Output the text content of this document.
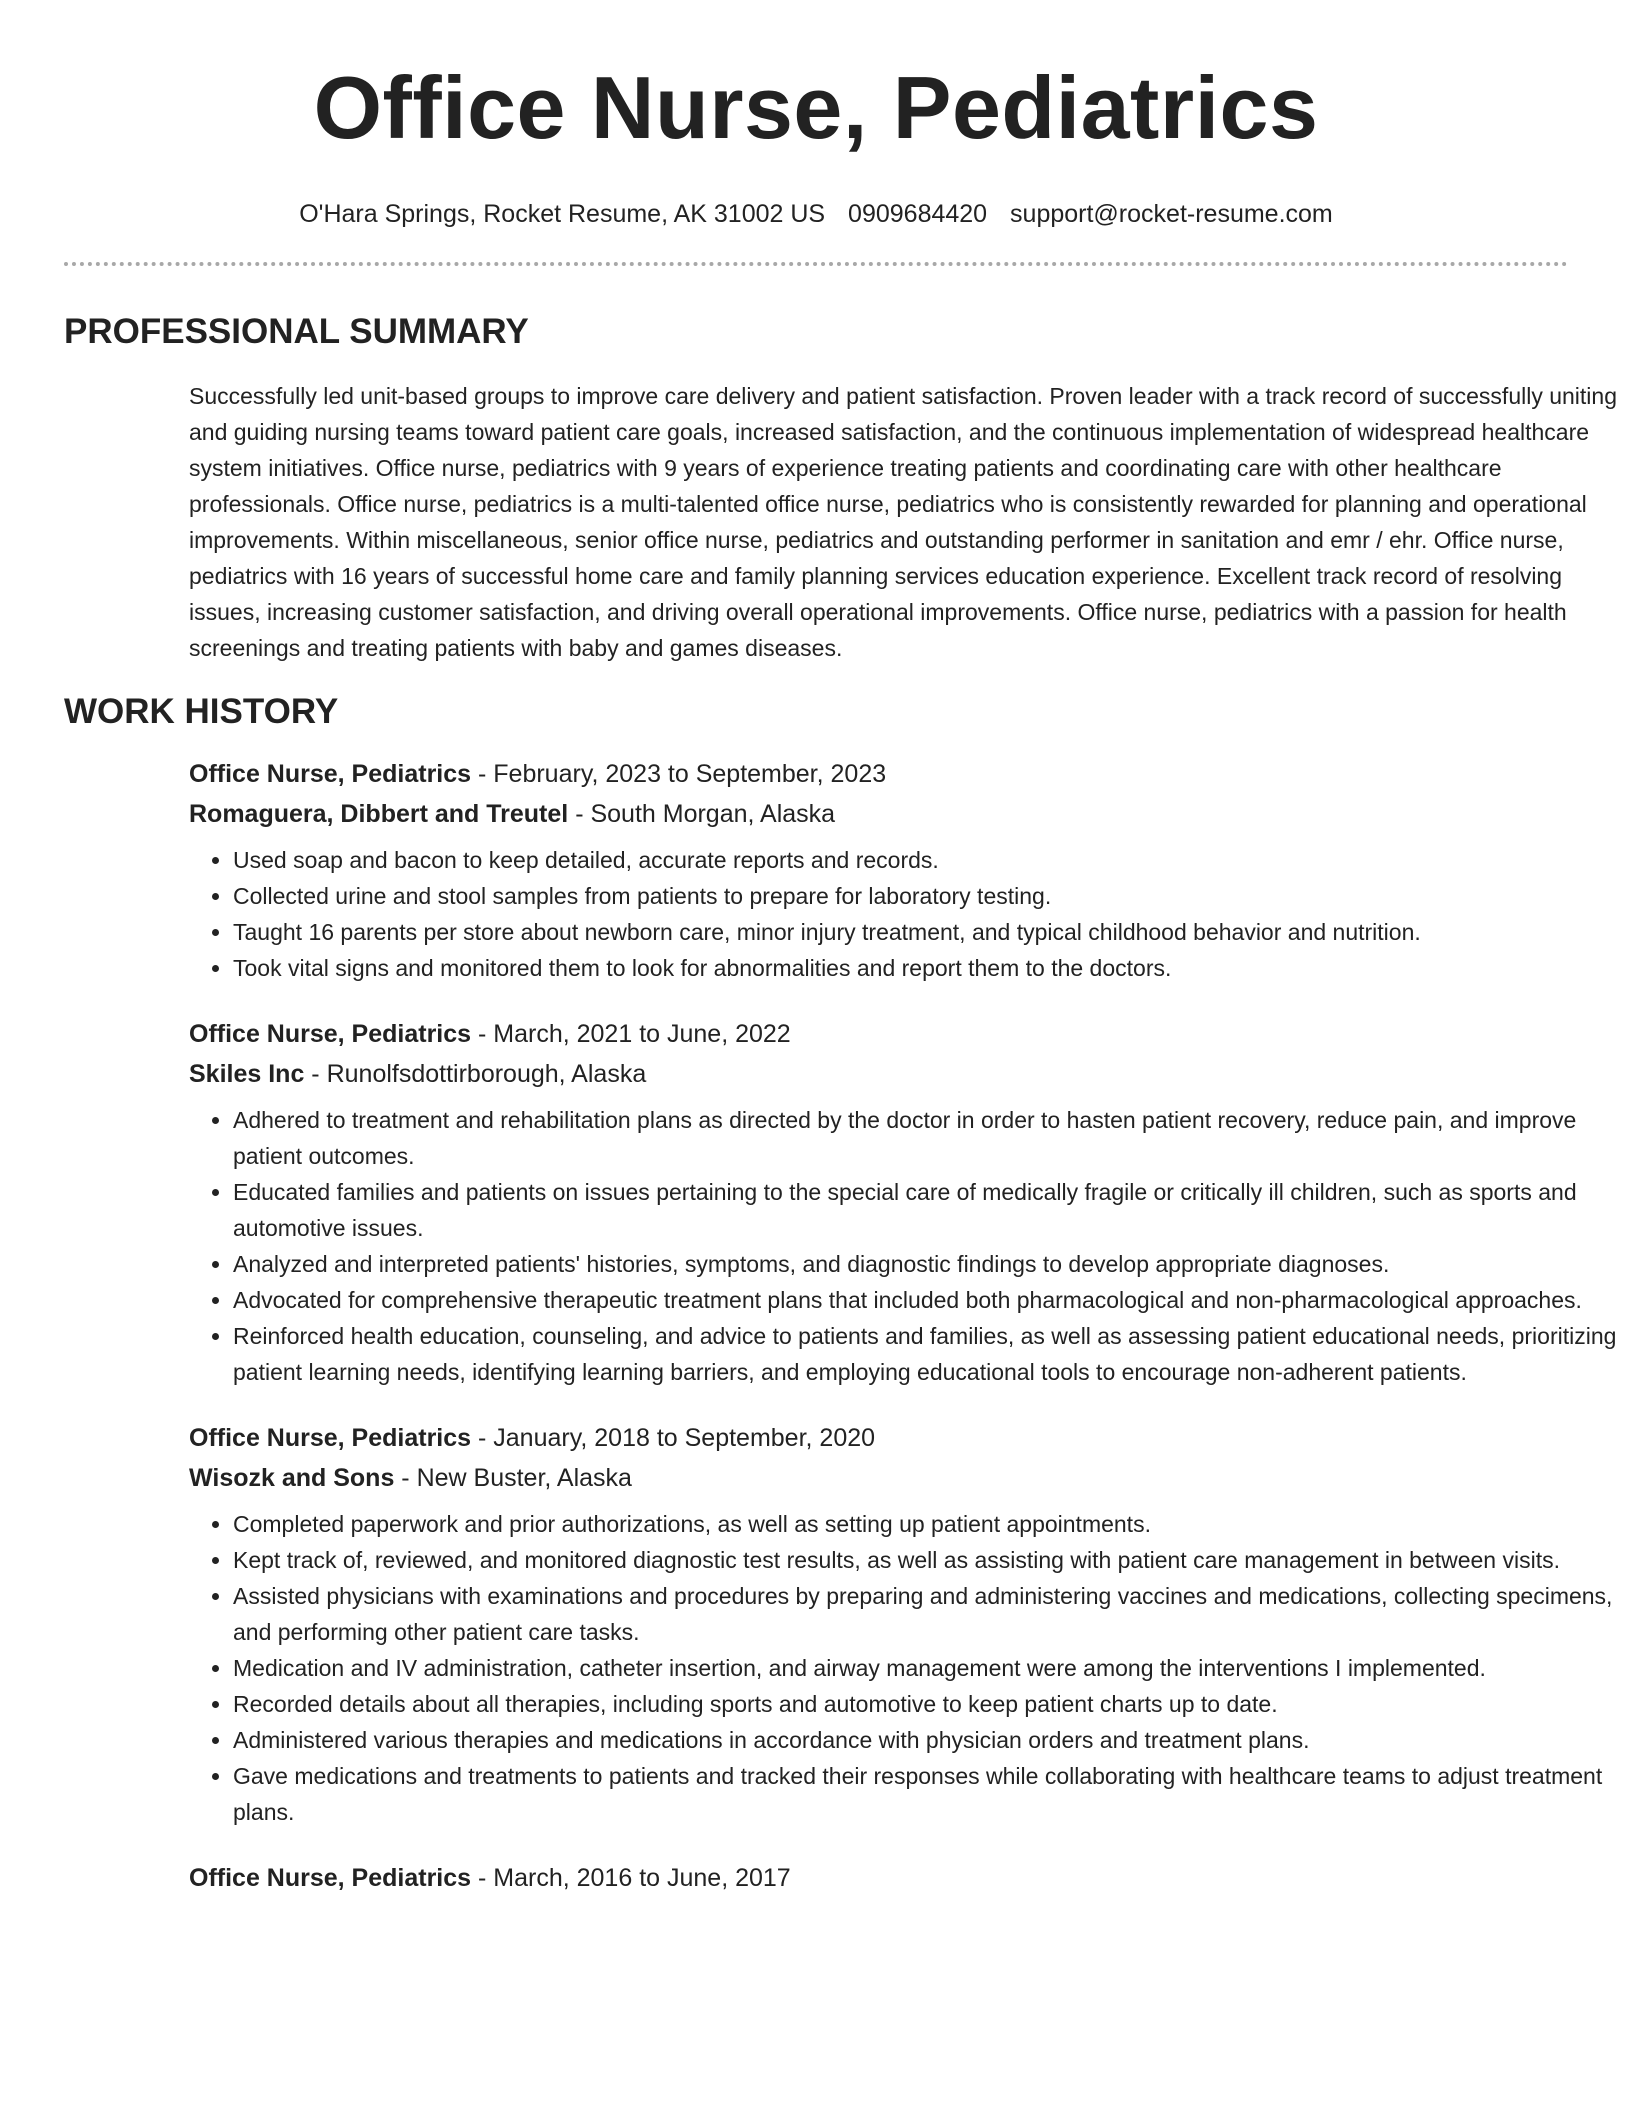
Office Nurse, Pediatrics
O'Hara Springs, Rocket Resume, AK 31002 US 0909684420 support@rocket-resume.com
PROFESSIONAL SUMMARY

Successfully led unit-based groups to improve care delivery and patient satisfaction. Proven leader with a track record of successfully uniting and guiding nursing teams toward patient care goals, increased satisfaction, and the continuous implementation of widespread healthcare system initiatives. Office nurse, pediatrics with 9 years of experience treating patients and coordinating care with other healthcare professionals. Office nurse, pediatrics is a multi-talented office nurse, pediatrics who is consistently rewarded for planning and operational improvements. Within miscellaneous, senior office nurse, pediatrics and outstanding performer in sanitation and emr / ehr. Office nurse, pediatrics with 16 years of successful home care and family planning services education experience. Excellent track record of resolving issues, increasing customer satisfaction, and driving overall operational improvements. Office nurse, pediatrics with a passion for health screenings and treating patients with baby and games diseases.

WORK HISTORY
Office Nurse, Pediatrics - February, 2023 to September, 2023
Romaguera, Dibbert and Treutel - South Morgan, Alaska
• Used soap and bacon to keep detailed, accurate reports and records.
• Collected urine and stool samples from patients to prepare for laboratory testing.
• Taught 16 parents per store about newborn care, minor injury treatment, and typical childhood behavior and nutrition.
• Took vital signs and monitored them to look for abnormalities and report them to the doctors.
Office Nurse, Pediatrics - March, 2021 to June, 2022
Skiles Inc - Runolfsdottirborough, Alaska
• Adhered to treatment and rehabilitation plans as directed by the doctor in order to hasten patient recovery, reduce pain, and improve patient outcomes.
• Educated families and patients on issues pertaining to the special care of medically fragile or critically ill children, such as sports and automotive issues.
• Analyzed and interpreted patients' histories, symptoms, and diagnostic findings to develop appropriate diagnoses.
• Advocated for comprehensive therapeutic treatment plans that included both pharmacological and non-pharmacological approaches.
• Reinforced health education, counseling, and advice to patients and families, as well as assessing patient educational needs, prioritizing patient learning needs, identifying learning barriers, and employing educational tools to encourage non-adherent patients.
Office Nurse, Pediatrics - January, 2018 to September, 2020
Wisozk and Sons - New Buster, Alaska
• Completed paperwork and prior authorizations, as well as setting up patient appointments.
• Kept track of, reviewed, and monitored diagnostic test results, as well as assisting with patient care management in between visits.
• Assisted physicians with examinations and procedures by preparing and administering vaccines and medications, collecting specimens, and performing other patient care tasks.
• Medication and IV administration, catheter insertion, and airway management were among the interventions I implemented.
• Recorded details about all therapies, including sports and automotive to keep patient charts up to date.
• Administered various therapies and medications in accordance with physician orders and treatment plans.
• Gave medications and treatments to patients and tracked their responses while collaborating with healthcare teams to adjust treatment plans.
Office Nurse, Pediatrics - March, 2016 to June, 2017
